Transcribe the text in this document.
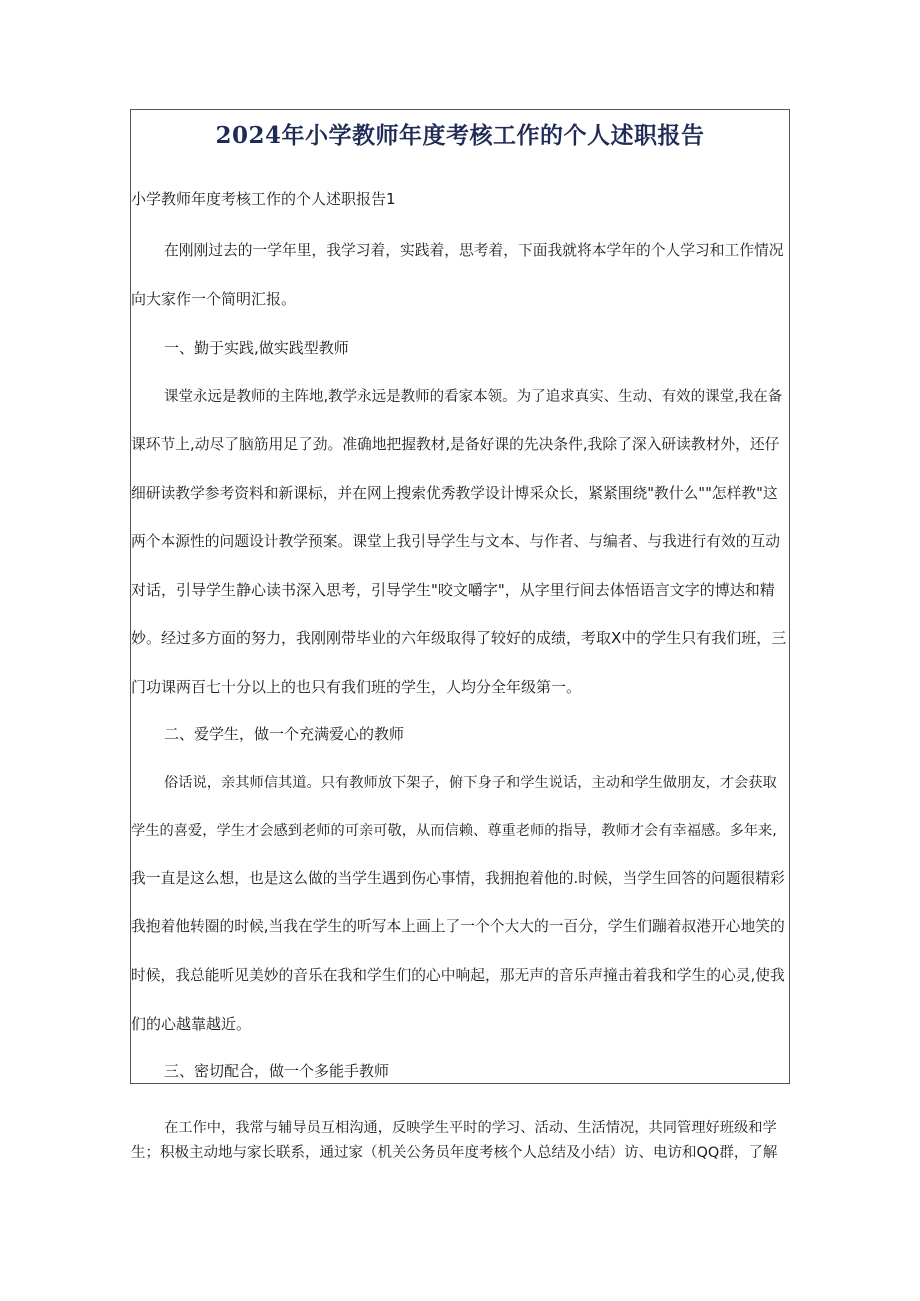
2024年小学教师年度考核工作的个人述职报告
小学教师年度考核工作的个人述职报告1
在刚刚过去的一学年里，我学习着，实践着，思考着，下面我就将本学年的个人学习和工作情况
向大家作一个简明汇报。
一、勤于实践,做实践型教师
课堂永远是教师的主阵地,教学永远是教师的看家本领。为了追求真实、生动、有效的课堂,我在备
课环节上,动尽了脑筋用足了劲。准确地把握教材,是备好课的先决条件,我除了深入研读教材外，还仔
细研读教学参考资料和新课标，并在网上搜索优秀教学设计博采众长，紧紧围绕"教什么""怎样教"这
两个本源性的问题设计教学预案。课堂上我引导学生与文本、与作者、与编者、与我进行有效的互动
对话，引导学生静心读书深入思考，引导学生"咬文嚼字"，从字里行间去体悟语言文字的博达和精
妙。经过多方面的努力，我刚刚带毕业的六年级取得了较好的成绩，考取X中的学生只有我们班，三
门功课两百七十分以上的也只有我们班的学生，人均分全年级第一。
二、爱学生，做一个充满爱心的教师
俗话说，亲其师信其道。只有教师放下架子，俯下身子和学生说话，主动和学生做朋友，才会获取
学生的喜爱，学生才会感到老师的可亲可敬，从而信赖、尊重老师的指导，教师才会有幸福感。多年来,
我一直是这么想，也是这么做的当学生遇到伤心事情，我拥抱着他的.时候，当学生回答的问题很精彩
我抱着他转圈的时候,当我在学生的听写本上画上了一个个大大的一百分，学生们蹦着叔港开心地笑的
时候，我总能听见美妙的音乐在我和学生们的心中响起，那无声的音乐声撞击着我和学生的心灵,使我
们的心越靠越近。
三、密切配合，做一个多能手教师
在工作中，我常与辅导员互相沟通，反映学生平时的学习、活动、生活情况，共同管理好班级和学
生；积极主动地与家长联系，通过家（机关公务员年度考核个人总结及小结）访、电访和QQ群，了解
